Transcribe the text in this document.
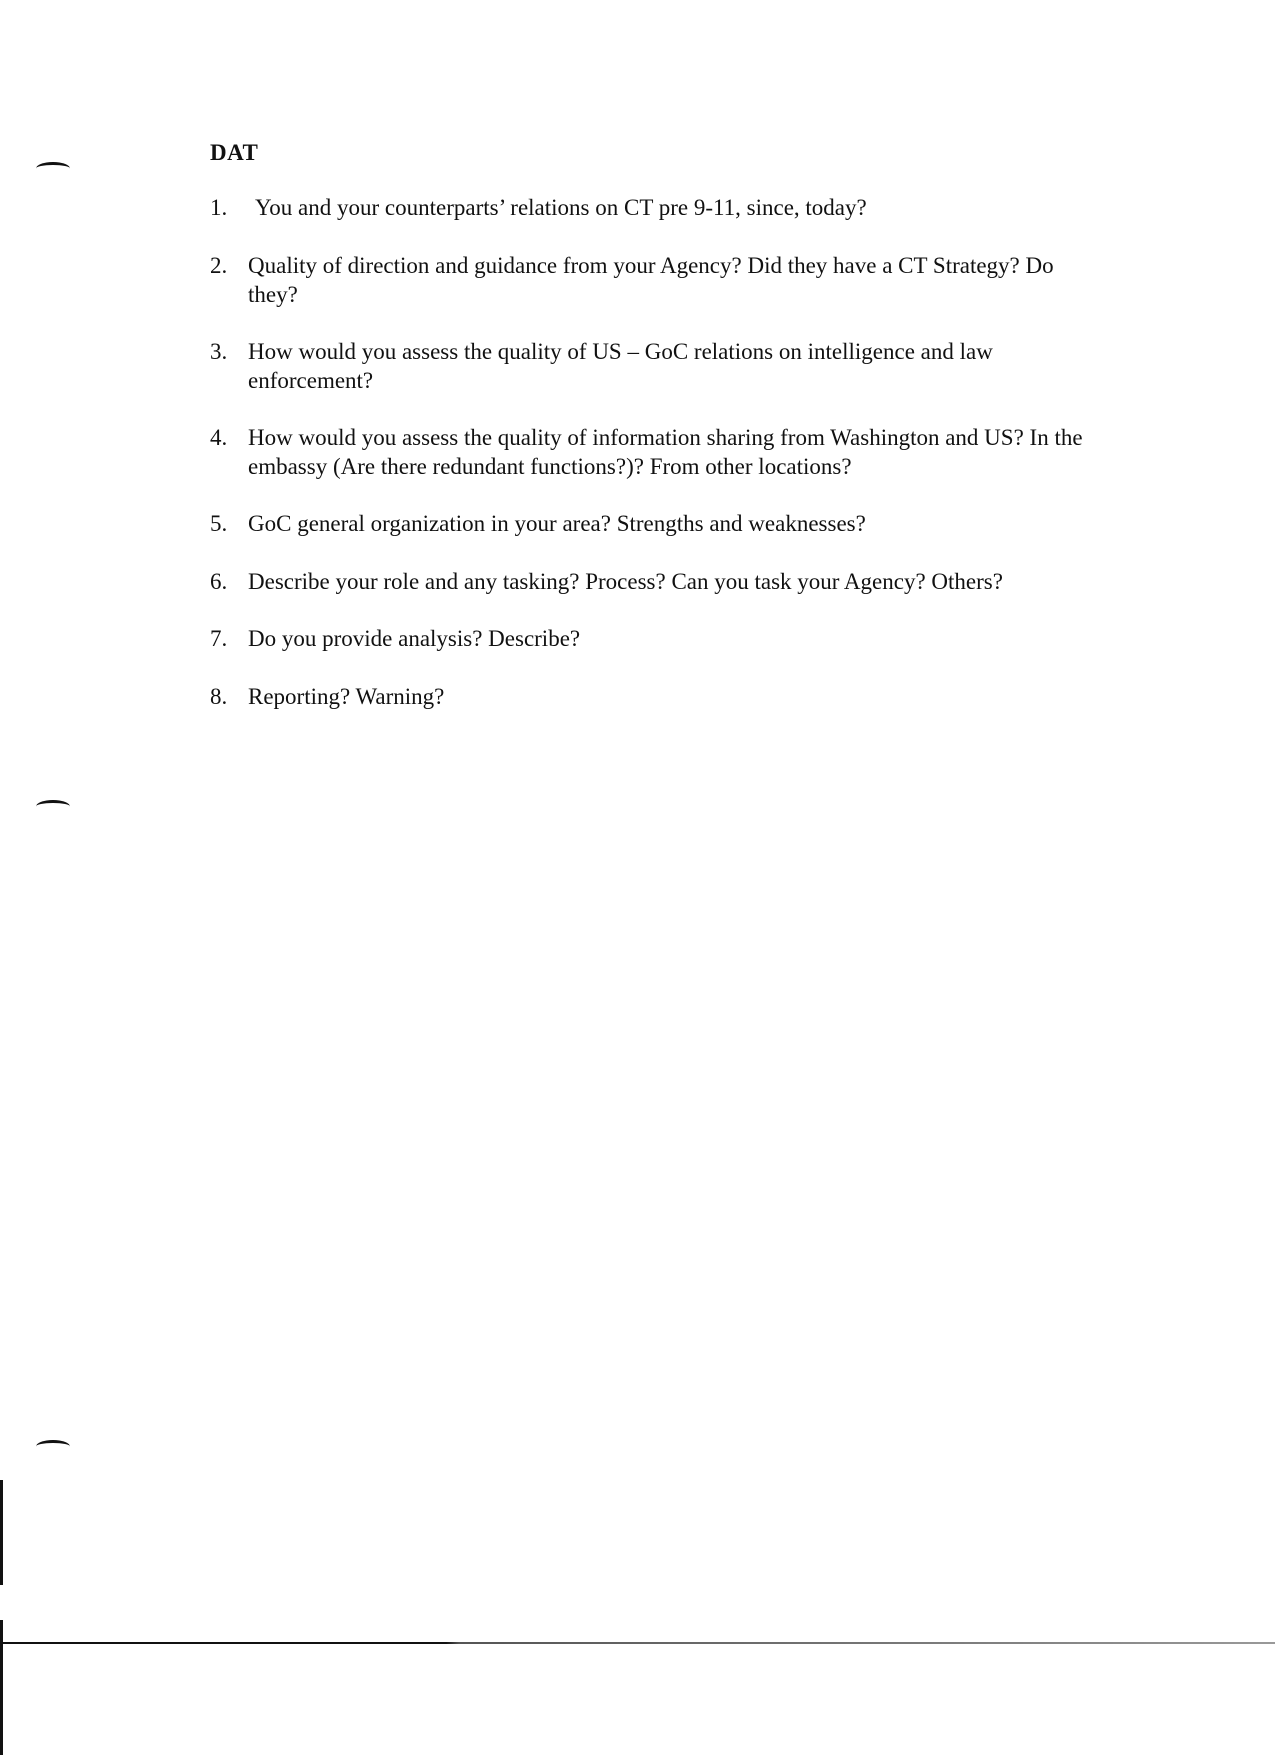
DAT
1. You and your counterparts’ relations on CT pre 9-11, since, today?
2. Quality of direction and guidance from your Agency? Did they have a CT Strategy? Do they?
3. How would you assess the quality of US – GoC relations on intelligence and law enforcement?
4. How would you assess the quality of information sharing from Washington and US? In the embassy (Are there redundant functions?)? From other locations?
5. GoC general organization in your area? Strengths and weaknesses?
6. Describe your role and any tasking? Process? Can you task your Agency? Others?
7. Do you provide analysis? Describe?
8. Reporting? Warning?
